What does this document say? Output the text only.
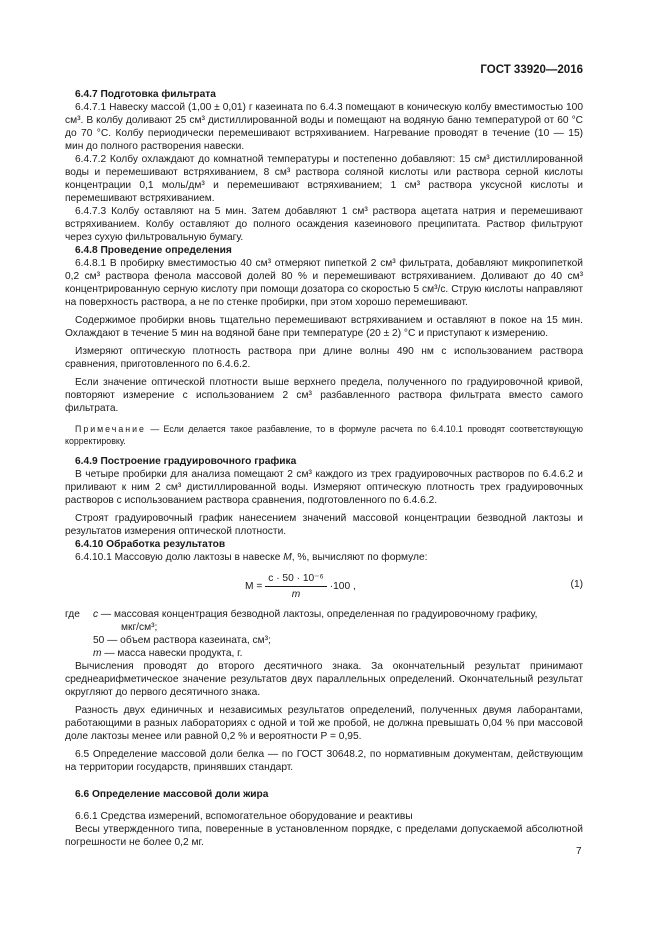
ГОСТ 33920—2016

6.4.7 Подготовка фильтрата

6.4.7.1 Навеску массой (1,00 ± 0,01) г казеината по 6.4.3 помещают в коническую колбу вместимостью 100 см³. В колбу доливают 25 см³ дистиллированной воды и помещают на водяную баню температурой от 60 °С до 70 °С. Колбу периодически перемешивают встряхиванием. Нагревание проводят в течение (10 — 15) мин до полного растворения навески.

6.4.7.2 Колбу охлаждают до комнатной температуры и постепенно добавляют: 15 см³ дистиллированной воды и перемешивают встряхиванием, 8 см³ раствора соляной кислоты или раствора серной кислоты концентрации 0,1 моль/дм³ и перемешивают встряхиванием; 1 см³ раствора уксусной кислоты и перемешивают встряхиванием.

6.4.7.3 Колбу оставляют на 5 мин. Затем добавляют 1 см³ раствора ацетата натрия и перемешивают встряхиванием. Колбу оставляют до полного осаждения казеинового преципитата. Раствор фильтруют через сухую фильтровальную бумагу.

6.4.8 Проведение определения

6.4.8.1 В пробирку вместимостью 40 см³ отмеряют пипеткой 2 см³ фильтрата, добавляют микропипеткой 0,2 см³ раствора фенола массовой долей 80 % и перемешивают встряхиванием. Доливают до 40 см³ концентрированную серную кислоту при помощи дозатора со скоростью 5 см³/с. Струю кислоты направляют на поверхность раствора, а не по стенке пробирки, при этом хорошо перемешивают.

Содержимое пробирки вновь тщательно перемешивают встряхиванием и оставляют в покое на 15 мин. Охлаждают в течение 5 мин на водяной бане при температуре (20 ± 2) °С и приступают к измерению.

Измеряют оптическую плотность раствора при длине волны 490 нм с использованием раствора сравнения, приготовленного по 6.4.6.2.

Если значение оптической плотности выше верхнего предела, полученного по градуировочной кривой, повторяют измерение с использованием 2 см³ разбавленного раствора фильтрата вместо самого фильтрата.

Примечание — Если делается такое разбавление, то в формуле расчета по 6.4.10.1 проводят соответствующую корректировку.

6.4.9 Построение градуировочного графика

В четыре пробирки для анализа помещают 2 см³ каждого из трех градуировочных растворов по 6.4.6.2 и приливают к ним 2 см³ дистиллированной воды. Измеряют оптическую плотность трех градуировочных растворов с использованием раствора сравнения, подготовленного по 6.4.6.2.

Строят градуировочный график нанесением значений массовой концентрации безводной лактозы и результатов измерения оптической плотности.

6.4.10 Обработка результатов

6.4.10.1 Массовую долю лактозы в навеске M, %, вычисляют по формуле:

$M = \frac{\text{c · 50 · 10⁻⁶}}{m} \cdot 100$ ,	(1)
где	c — массовая концентрация безводной лактозы, определенная по градуировочному графику,

мкг/см³;

50 — объем раствора казеината, см³;

m — масса навески продукта, г.

Вычисления проводят до второго десятичного знака. За окончательный результат принимают среднеарифметическое значение результатов двух параллельных определений. Окончательный результат округляют до первого десятичного знака.

Разность двух единичных и независимых результатов определений, полученных двумя лаборантами, работающими в разных лабораториях с одной и той же пробой, не должна превышать 0,04 % при массовой доле лактозы менее или равной 0,2 % и вероятности P = 0,95.

6.5 Определение массовой доли белка — по ГОСТ 30648.2, по нормативным документам, действующим на территории государств, принявших стандарт.

6.6 Определение массовой доли жира

6.6.1 Средства измерений, вспомогательное оборудование и реактивы

Весы утвержденного типа, поверенные в установленном порядке, с пределами допускаемой абсолютной погрешности не более 0,2 мг.

7
